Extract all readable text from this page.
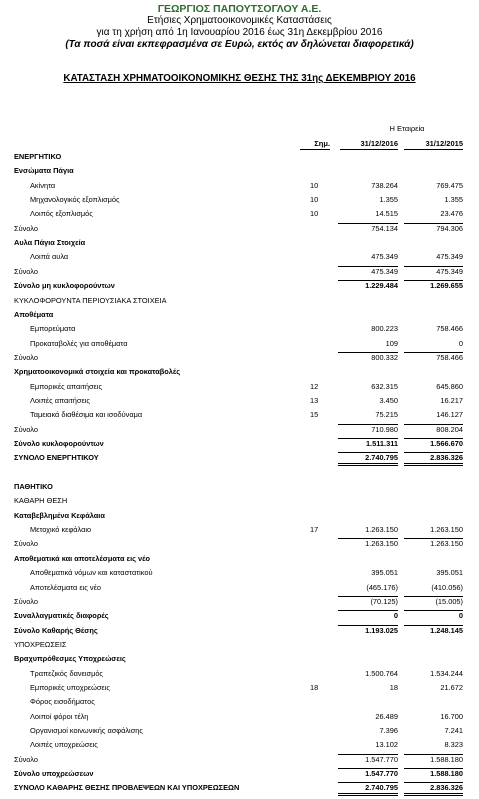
ΓΕΩΡΓΙΟΣ ΠΑΠΟΥΤΣΟΓΛΟΥ Α.Ε.
Ετήσιες Χρηματοοικονομικές Καταστάσεις
για τη χρήση από 1η Ιανουαρίου 2016 έως 31η Δεκεμβρίου 2016
(Τα ποσά είναι εκπεφρασμένα σε Ευρώ, εκτός αν δηλώνεται διαφορετικά)
ΚΑΤΑΣΤΑΣΗ ΧΡΗΜΑΤΟΟΙΚΟΝΟΜΙΚΗΣ ΘΕΣΗΣ ΤΗΣ 31ης ΔΕΚΕΜΒΡΙΟΥ 2016
Η Εταιρεία
Σημ.	31/12/2016	31/12/2015
ΕΝΕΡΓΗΤΙΚΟ
Ενσώματα Πάγια
Ακίνητα	10	738.264	769.475
Μηχανολογικός εξοπλισμός	10	1.355	1.355
Λοιπός εξοπλισμός	10	14.515	23.476
Σύνολο	754.134	794.306
Αυλα Πάγια Στοιχεία
Λοιπά αυλα	475.349	475.349
Σύνολο	475.349	475.349
Σύνολο μη κυκλοφορούντων	1.229.484	1.269.655
ΚΥΚΛΟΦΟΡΟΥΝΤΑ ΠΕΡΙΟΥΣΙΑΚΑ ΣΤΟΙΧΕΙΑ
Αποθέματα
Εμπορεύματα	800.223	758.466
Προκαταβολές για αποθέματα	109	0
Σύνολο	800.332	758.466
Χρηματοοικονομικά στοιχεία και προκαταβολές
Εμπορικές απαιτήσεις	12	632.315	645.860
Λοιπές απαιτήσεις	13	3.450	16.217
Ταμειακά διαθέσιμα και ισοδύναμα	15	75.215	146.127
Σύνολο	710.980	808.204
Σύνολο κυκλοφορούντων	1.511.311	1.566.670
ΣΥΝΟΛΟ ΕΝΕΡΓΗΤΙΚΟΥ	2.740.795	2.836.326
ΠΑΘΗΤΙΚΟ
ΚΑΘΑΡΗ ΘΕΣΗ
Καταβεβλημένα Κεφάλαια
Μετοχικό κεφάλαιο	17	1.263.150	1.263.150
Σύνολο	1.263.150	1.263.150
Αποθεματικά και αποτελέσματα εις νέο
Αποθεματικά νόμων και καταστατικού	395.051	395.051
Αποτελέσματα εις νέο	(465.176)	(410.056)
Σύνολο	(70.125)	(15.005)
Συναλλαγματικές διαφορές	0	0
Σύνολο Καθαρής Θέσης	1.193.025	1.248.145
ΥΠΟΧΡΕΩΣΕΙΣ
Βραχυπρόθεσμες Υποχρεώσεις
Τραπεζικός δανεισμός	1.500.764	1.534.244
Εμπορικές υποχρεώσεις	18	18	21.672
Φόρος εισοδήματος
Λοιποί φόροι τέλη	26.489	16.700
Οργανισμοί κοινωνικής ασφάλισης	7.396	7.241
Λοιπές υποχρεώσεις	13.102	8.323
Σύνολο	1.547.770	1.588.180
Σύνολο υποχρεώσεων	1.547.770	1.588.180
ΣΥΝΟΛΟ ΚΑΘΑΡΗΣ ΘΕΣΗΣ ΠΡΟΒΛΕΨΕΩΝ ΚΑΙ ΥΠΟΧΡΕΩΣΕΩΝ	2.740.795	2.836.326
